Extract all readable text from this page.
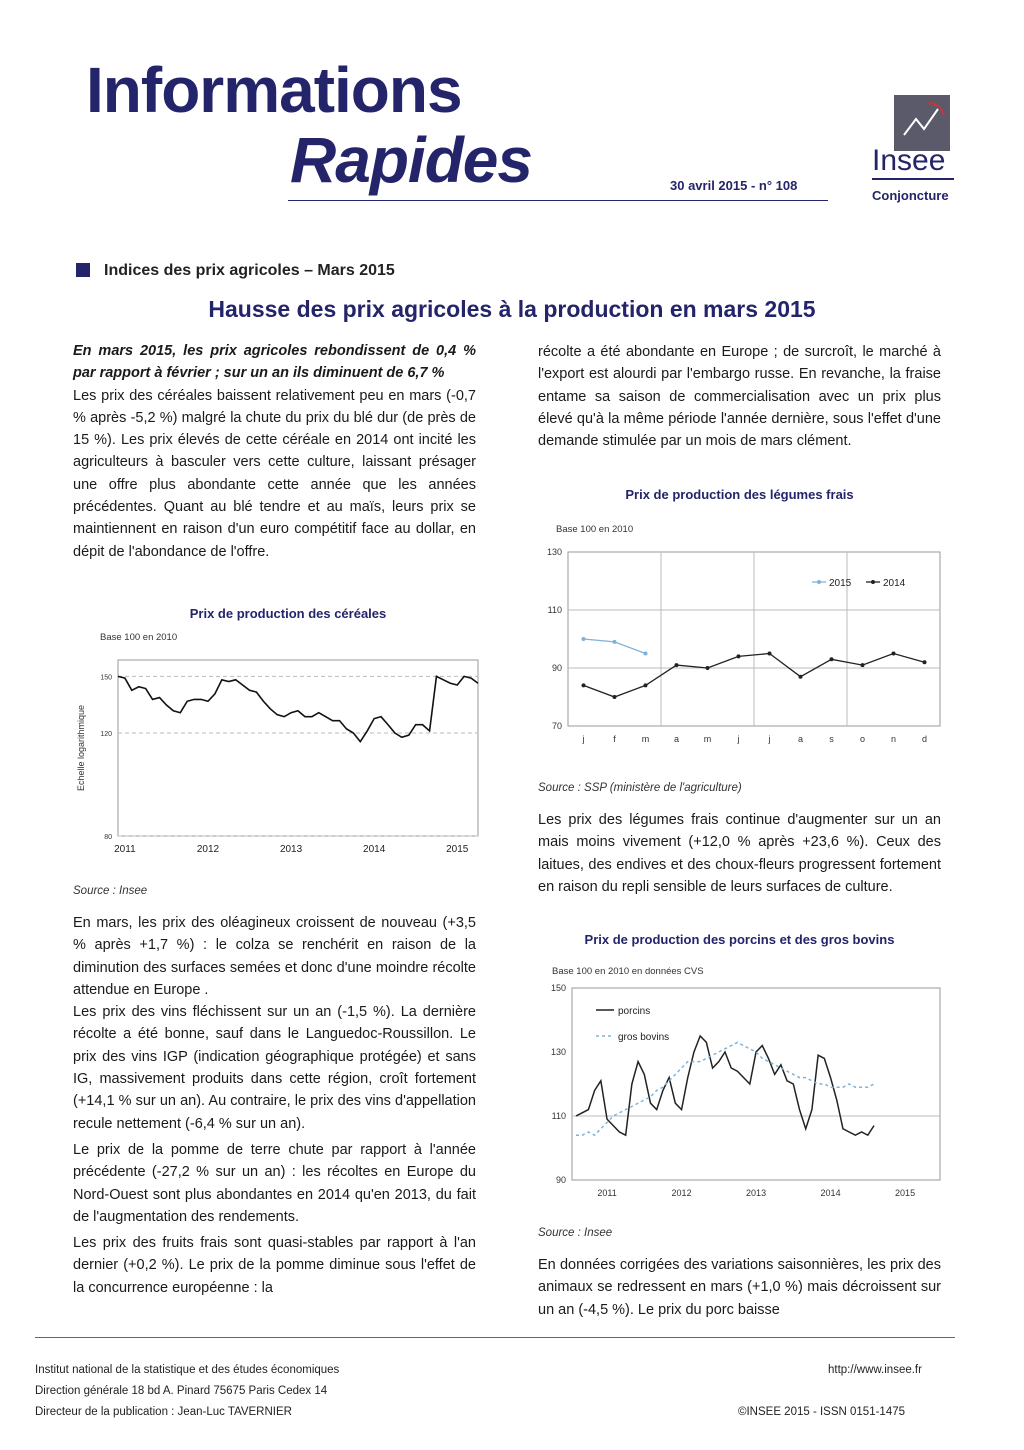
Informations
Rapides	30 avril 2015 - n° 108
Insee
Conjoncture
Indices des prix agricoles – Mars 2015
Hausse des prix agricoles à la production en mars 2015

En mars 2015, les prix agricoles rebondissent de 0,4 % par rapport à février ; sur un an ils diminuent de 6,7 %

Les prix des céréales baissent relativement peu en mars (-0,7 % après -5,2 %) malgré la chute du prix du blé dur (de près de 15 %). Les prix élevés de cette céréale en 2014 ont incité les agriculteurs à basculer vers cette culture, laissant présager une offre plus abondante cette année que les années précédentes. Quant au blé tendre et au maïs, leurs prix se maintiennent en raison d'un euro compétitif face au dollar, en dépit de l'abondance de l'offre.

Prix de production des céréales
Base 100 en 2010
Echelle logarithmique
80
120
150
2011	2012	2013	2014	2015
Source : Insee

En mars, les prix des oléagineux croissent de nouveau (+3,5 % après +1,7 %) : le colza se renchérit en raison de la diminution des surfaces semées et donc d'une moindre récolte attendue en Europe .

Les prix des vins fléchissent sur un an (-1,5 %). La dernière récolte a été bonne, sauf dans le Languedoc-Roussillon. Le prix des vins IGP (indication géographique protégée) et sans IG, massivement produits dans cette région, croît fortement (+14,1 % sur un an). Au contraire, le prix des vins d'appellation recule nettement (-6,4 % sur un an).

Le prix de la pomme de terre chute par rapport à l'année précédente (-27,2 % sur un an) : les récoltes en Europe du Nord-Ouest sont plus abondantes en 2014 qu'en 2013, du fait de l'augmentation des rendements.

Les prix des fruits frais sont quasi-stables par rapport à l'an dernier (+0,2 %). Le prix de la pomme diminue sous l'effet de la concurrence européenne : la

récolte a été abondante en Europe ; de surcroît, le marché à l'export est alourdi par l'embargo russe. En revanche, la fraise entame sa saison de commercialisation avec un prix plus élevé qu'à la même période l'année dernière, sous l'effet d'une demande stimulée par un mois de mars clément.

Prix de production des légumes frais
Base 100 en 2010
70
90
110
130
j	f	m	a	m	j	j	a	s	o	n	d
2015	2014
Source : SSP (ministère de l'agriculture)

Les prix des légumes frais continue d'augmenter sur un an mais moins vivement (+12,0 % après +23,6 %). Ceux des laitues, des endives et des choux-fleurs progressent fortement en raison du repli sensible de leurs surfaces de culture.

Prix de production des porcins et des gros bovins
Base 100 en 2010 en données CVS
90
110
130
150
2011	2012	2013	2014	2015
porcins
gros bovins
Source : Insee

En données corrigées des variations saisonnières, les prix des animaux se redressent en mars (+1,0 %) mais décroissent sur un an (-4,5 %). Le prix du porc baisse

Institut national de la statistique et des études économiques
Direction générale 18 bd A. Pinard 75675 Paris Cedex 14
Directeur de la publication : Jean-Luc TAVERNIER
http://www.insee.fr
©INSEE 2015 - ISSN 0151-1475
